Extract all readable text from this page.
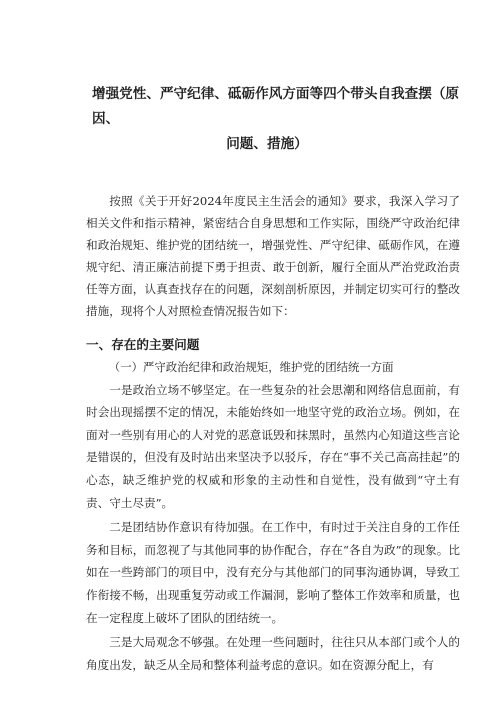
增强党性、严守纪律、砥砺作风方面等四个带头自我查摆（原因、
问题、措施）

按照《关于开好2024年度民主生活会的通知》要求，我深入学习了相关文件和指示精神，紧密结合自身思想和工作实际，围绕严守政治纪律和政治规矩、维护党的团结统一，增强党性、严守纪律、砥砺作风，在遵规守纪、清正廉洁前提下勇于担责、敢于创新，履行全面从严治党政治责任等方面，认真查找存在的问题，深刻剖析原因，并制定切实可行的整改措施，现将个人对照检查情况报告如下：

一、存在的主要问题
（一）严守政治纪律和政治规矩，维护党的团结统一方面

一是政治立场不够坚定。在一些复杂的社会思潮和网络信息面前，有时会出现摇摆不定的情况，未能始终如一地坚守党的政治立场。例如，在面对一些别有用心的人对党的恶意诋毁和抹黑时，虽然内心知道这些言论是错误的，但没有及时站出来坚决予以驳斥，存在“事不关己高高挂起”的心态，缺乏维护党的权威和形象的主动性和自觉性，没有做到“守土有责、守土尽责”。

二是团结协作意识有待加强。在工作中，有时过于关注自身的工作任务和目标，而忽视了与其他同事的协作配合，存在“各自为政”的现象。比如在一些跨部门的项目中，没有充分与其他部门的同事沟通协调，导致工作衔接不畅，出现重复劳动或工作漏洞，影响了整体工作效率和质量，也在一定程度上破坏了团队的团结统一。

三是大局观念不够强。在处理一些问题时，往往只从本部门或个人的角度出发，缺乏从全局和整体利益考虑的意识。如在资源分配上，有
